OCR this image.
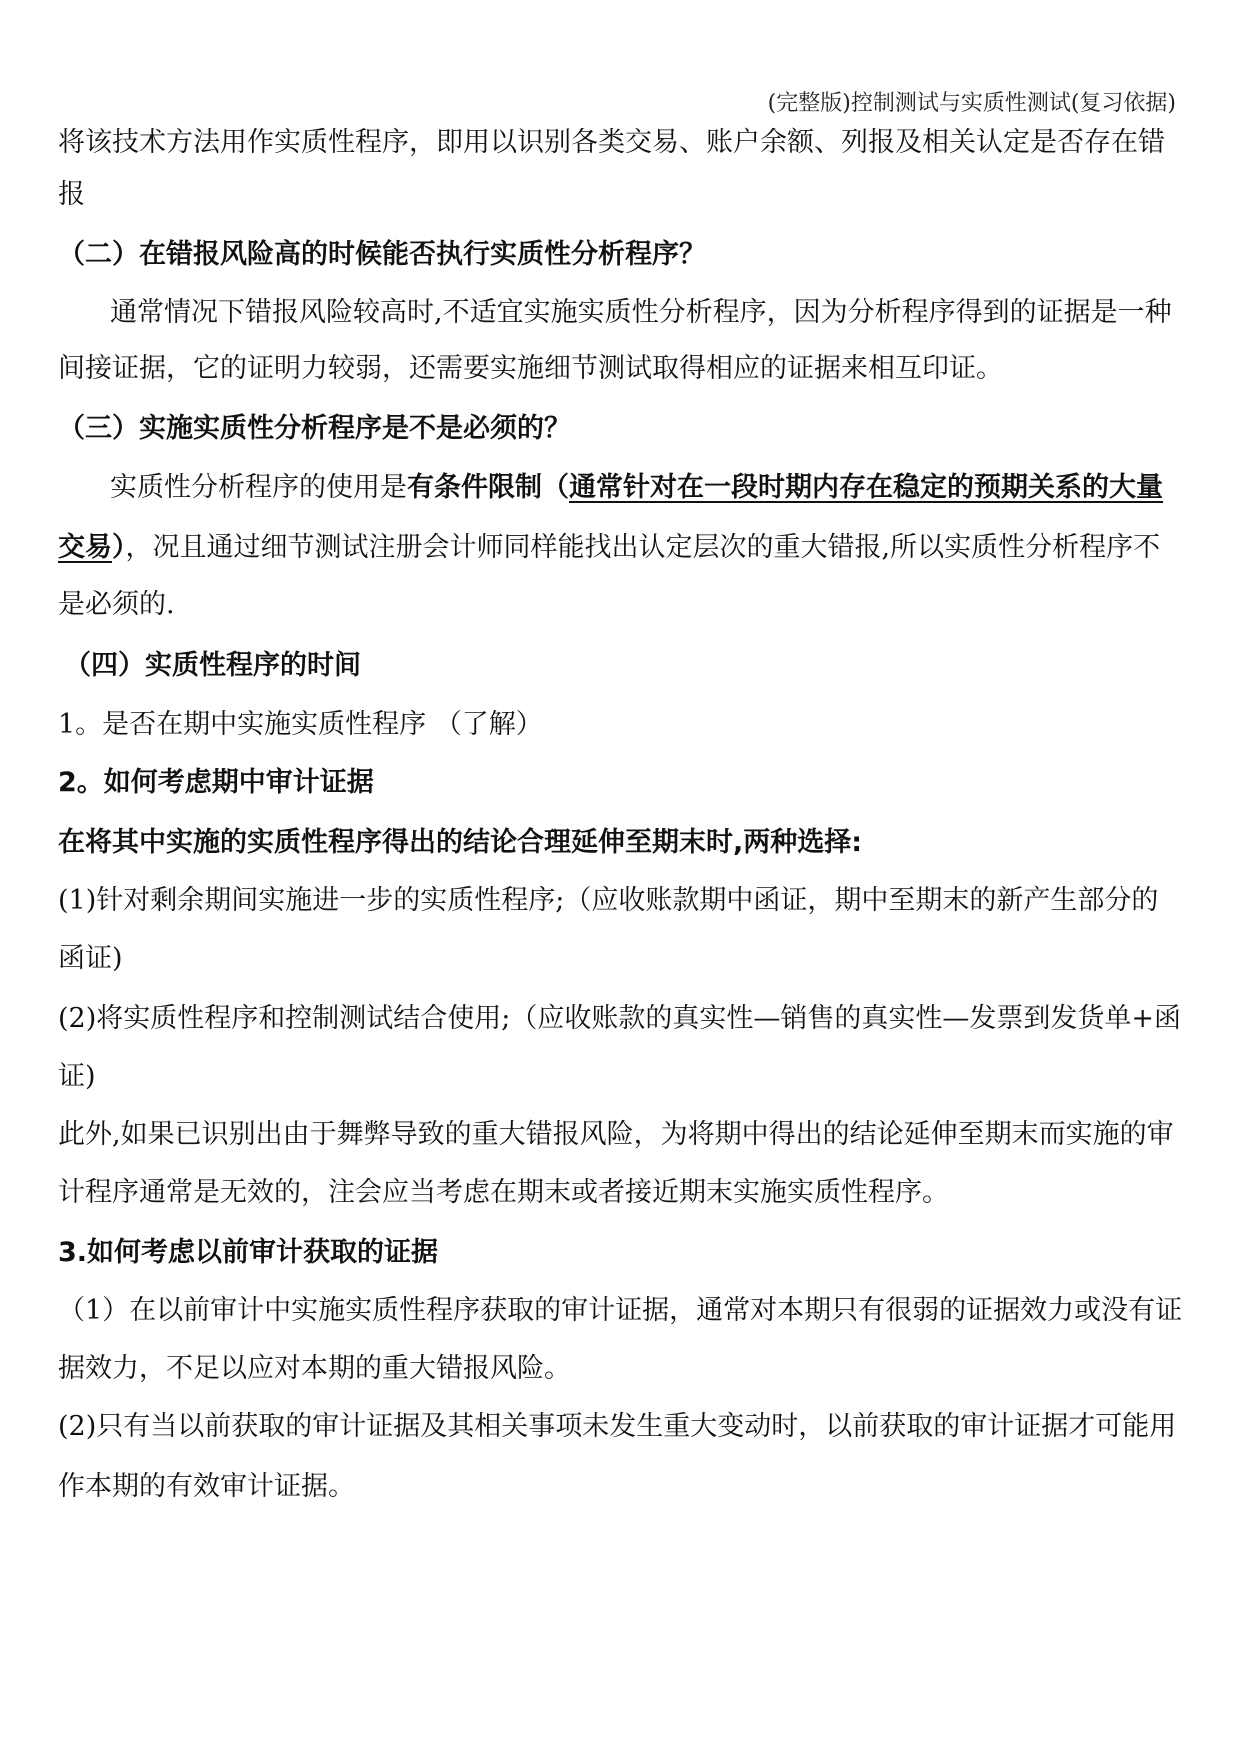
(完整版)控制测试与实质性测试(复习依据)
将该技术方法用作实质性程序，即用以识别各类交易、账户余额、列报及相关认定是否存在错
报
（二）在错报风险高的时候能否执行实质性分析程序？
通常情况下错报风险较高时,不适宜实施实质性分析程序，因为分析程序得到的证据是一种
间接证据，它的证明力较弱，还需要实施细节测试取得相应的证据来相互印证。
（三）实施实质性分析程序是不是必须的？
实质性分析程序的使用是有条件限制（通常针对在一段时期内存在稳定的预期关系的大量
交易），况且通过细节测试注册会计师同样能找出认定层次的重大错报,所以实质性分析程序不
是必须的.
（四）实质性程序的时间
1。是否在期中实施实质性程序 （了解）
2。如何考虑期中审计证据
在将其中实施的实质性程序得出的结论合理延伸至期末时,两种选择:
(1)针对剩余期间实施进一步的实质性程序;（应收账款期中函证，期中至期末的新产生部分的
函证)
(2)将实质性程序和控制测试结合使用;（应收账款的真实性—销售的真实性—发票到发货单+函
证)
此外,如果已识别出由于舞弊导致的重大错报风险，为将期中得出的结论延伸至期末而实施的审
计程序通常是无效的，注会应当考虑在期末或者接近期末实施实质性程序。
3.如何考虑以前审计获取的证据
（1）在以前审计中实施实质性程序获取的审计证据，通常对本期只有很弱的证据效力或没有证
据效力，不足以应对本期的重大错报风险。
(2)只有当以前获取的审计证据及其相关事项未发生重大变动时，以前获取的审计证据才可能用
作本期的有效审计证据。
